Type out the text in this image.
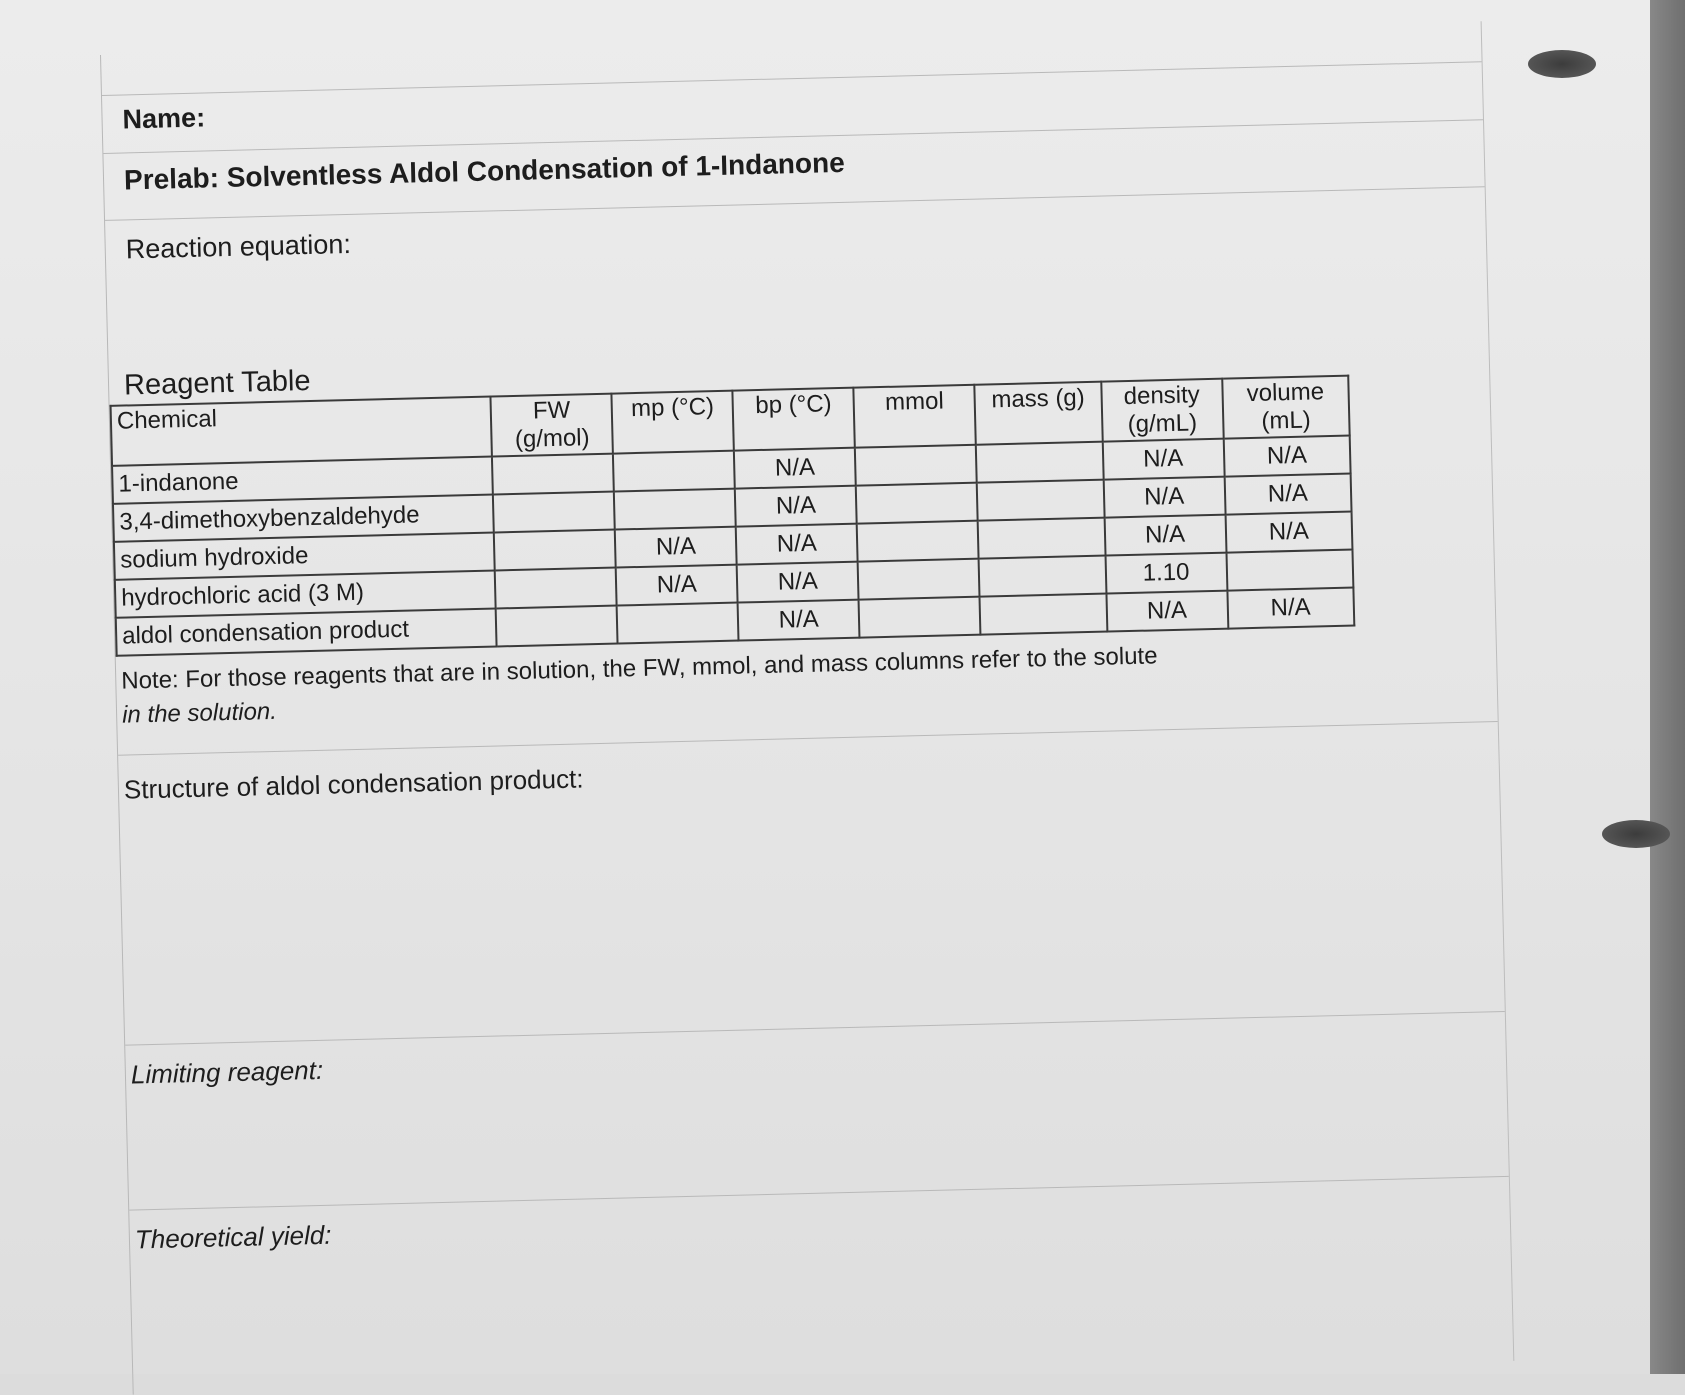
Name:
Prelab: Solventless Aldol Condensation of 1-Indanone
Reaction equation:
Reagent Table
Chemical	FW (g/mol)	mp (°C)	bp (°C)	mmol	mass (g)	density (g/mL)	volume (mL)
1-indanone			N/A			N/A	N/A
3,4-dimethoxybenzaldehyde			N/A			N/A	N/A
sodium hydroxide		N/A	N/A			N/A	N/A
hydrochloric acid (3 M)		N/A	N/A			1.10	
aldol condensation product			N/A			N/A	N/A
Note: For those reagents that are in solution, the FW, mmol, and mass columns refer to the solute
in the solution.
Structure of aldol condensation product:
Limiting reagent:
Theoretical yield:
